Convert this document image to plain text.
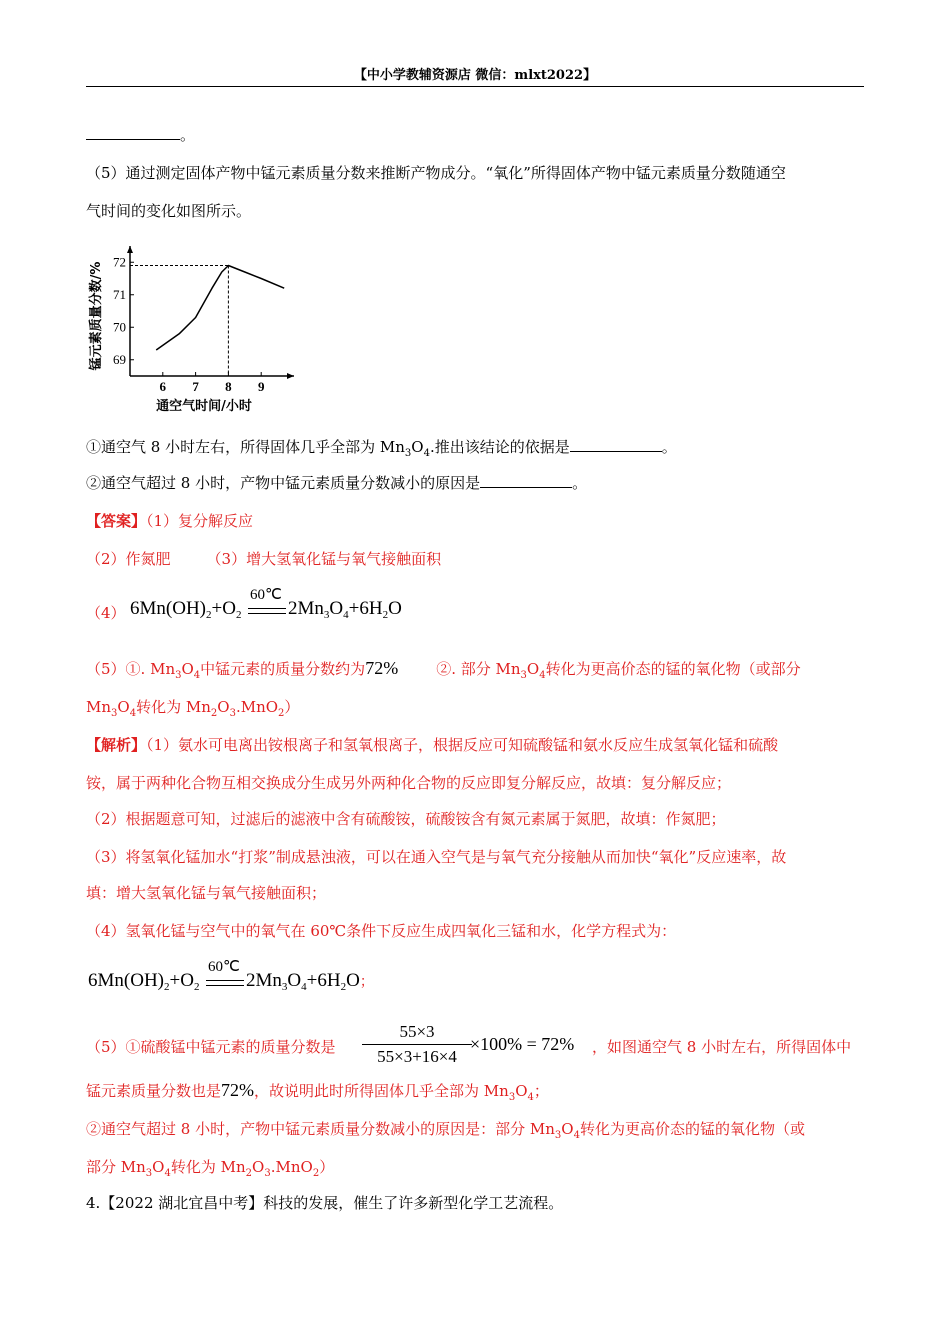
【中小学教辅资源店 微信：mlxt2022】
。
（5）通过测定固体产物中锰元素质量分数来推断产物成分。“氧化”所得固体产物中锰元素质量分数随通空
气时间的变化如图所示。
6 7 8 9
69
70
71
72
锰元素质量分数/%
通空气时间/小时
①通空气 8 小时左右，所得固体几乎全部为 $Mn_3O_4$.推出该结论的依据是	。
②通空气超过 8 小时，产物中锰元素质量分数减小的原因是	。
【答案】（1）复分解反应
（2）作氮肥 （3）增大氢氧化锰与氧气接触面积
（4） $6Mn(OH)_2+O_2$
60℃
$2Mn_3O_4+6H_2O$
（5）①. $Mn_3O_4$中锰元素的质量分数约为72%	②. 部分 $Mn_3O_4$转化为更高价态的锰的氧化物（或部分
$Mn_3O_4$转化为 $Mn_2O_3.MnO_2$）
【解析】（1）氨水可电离出铵根离子和氢氧根离子，根据反应可知硫酸锰和氨水反应生成氢氧化锰和硫酸
铵，属于两种化合物互相交换成分生成另外两种化合物的反应即复分解反应，故填：复分解反应；
（2）根据题意可知，过滤后的滤液中含有硫酸铵，硫酸铵含有氮元素属于氮肥，故填：作氮肥；
（3）将氢氧化锰加水“打浆”制成悬浊液，可以在通入空气是与氧气充分接触从而加快“氧化”反应速率，故
填：增大氢氧化锰与氧气接触面积；
（4）氢氧化锰与空气中的氧气在 60℃条件下反应生成四氧化三锰和水，化学方程式为：
$6Mn(OH)_2+O_2$
60℃
$2Mn_3O_4+6H_2O$；
（5）①硫酸锰中锰元素的质量分数是
55×3
55×3+16×4
×100% = 72% ，如图通空气 8 小时左右，所得固体中
锰元素质量分数也是72%，故说明此时所得固体几乎全部为 $Mn_3O_4$；
②通空气超过 8 小时，产物中锰元素质量分数减小的原因是：部分 $Mn_3O_4$转化为更高价态的锰的氧化物（或
部分 $Mn_3O_4$转化为 $Mn_2O_3.MnO_2$）
4.【2022 湖北宜昌中考】科技的发展，催生了许多新型化学工艺流程。
